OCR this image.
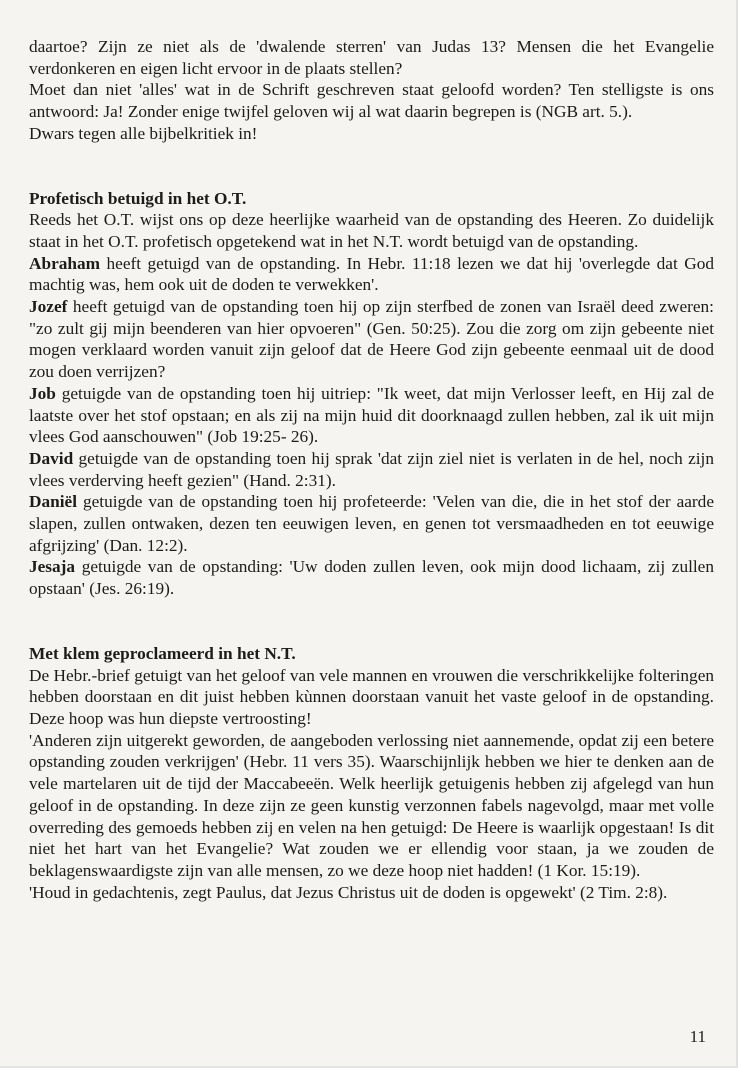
daartoe? Zijn ze niet als de 'dwalende sterren' van Judas 13? Mensen die het Evangelie verdonkeren en eigen licht ervoor in de plaats stellen?

Moet dan niet 'alles' wat in de Schrift geschreven staat geloofd worden? Ten stelligste is ons antwoord: Ja! Zonder enige twijfel geloven wij al wat daarin begrepen is (NGB art. 5.).

Dwars tegen alle bijbelkritiek in!

Profetisch betuigd in het O.T.

Reeds het O.T. wijst ons op deze heerlijke waarheid van de opstanding des Heeren. Zo duidelijk staat in het O.T. profetisch opgetekend wat in het N.T. wordt betuigd van de opstanding.

Abraham heeft getuigd van de opstanding. In Hebr. 11:18 lezen we dat hij 'overlegde dat God machtig was, hem ook uit de doden te verwekken'.

Jozef heeft getuigd van de opstanding toen hij op zijn sterfbed de zonen van Israël deed zweren: "zo zult gij mijn beenderen van hier opvoeren" (Gen. 50:25). Zou die zorg om zijn gebeente niet mogen verklaard worden vanuit zijn geloof dat de Heere God zijn gebeente eenmaal uit de dood zou doen verrijzen?

Job getuigde van de opstanding toen hij uitriep: "Ik weet, dat mijn Verlosser leeft, en Hij zal de laatste over het stof opstaan; en als zij na mijn huid dit doorknaagd zullen hebben, zal ik uit mijn vlees God aanschouwen" (Job 19:25- 26).

David getuigde van de opstanding toen hij sprak 'dat zijn ziel niet is verlaten in de hel, noch zijn vlees verderving heeft gezien" (Hand. 2:31).

Daniël getuigde van de opstanding toen hij profeteerde: 'Velen van die, die in het stof der aarde slapen, zullen ontwaken, dezen ten eeuwigen leven, en genen tot versmaadheden en tot eeuwige afgrijzing' (Dan. 12:2).

Jesaja getuigde van de opstanding: 'Uw doden zullen leven, ook mijn dood lichaam, zij zullen opstaan' (Jes. 26:19).

Met klem geproclameerd in het N.T.

De Hebr.-brief getuigt van het geloof van vele mannen en vrouwen die verschrikkelijke folteringen hebben doorstaan en dit juist hebben kùnnen doorstaan vanuit het vaste geloof in de opstanding. Deze hoop was hun diepste vertroosting!

'Anderen zijn uitgerekt geworden, de aangeboden verlossing niet aannemende, opdat zij een betere opstanding zouden verkrijgen' (Hebr. 11 vers 35). Waarschijnlijk hebben we hier te denken aan de vele martelaren uit de tijd der Maccabeeën. Welk heerlijk getuigenis hebben zij afgelegd van hun geloof in de opstanding. In deze zijn ze geen kunstig verzonnen fabels nagevolgd, maar met volle overreding des gemoeds hebben zij en velen na hen getuigd: De Heere is waarlijk opgestaan! Is dit niet het hart van het Evangelie? Wat zouden we er ellendig voor staan, ja we zouden de beklagenswaardigste zijn van alle mensen, zo we deze hoop niet hadden! (1 Kor. 15:19).

'Houd in gedachtenis, zegt Paulus, dat Jezus Christus uit de doden is opgewekt' (2 Tim. 2:8).

11
